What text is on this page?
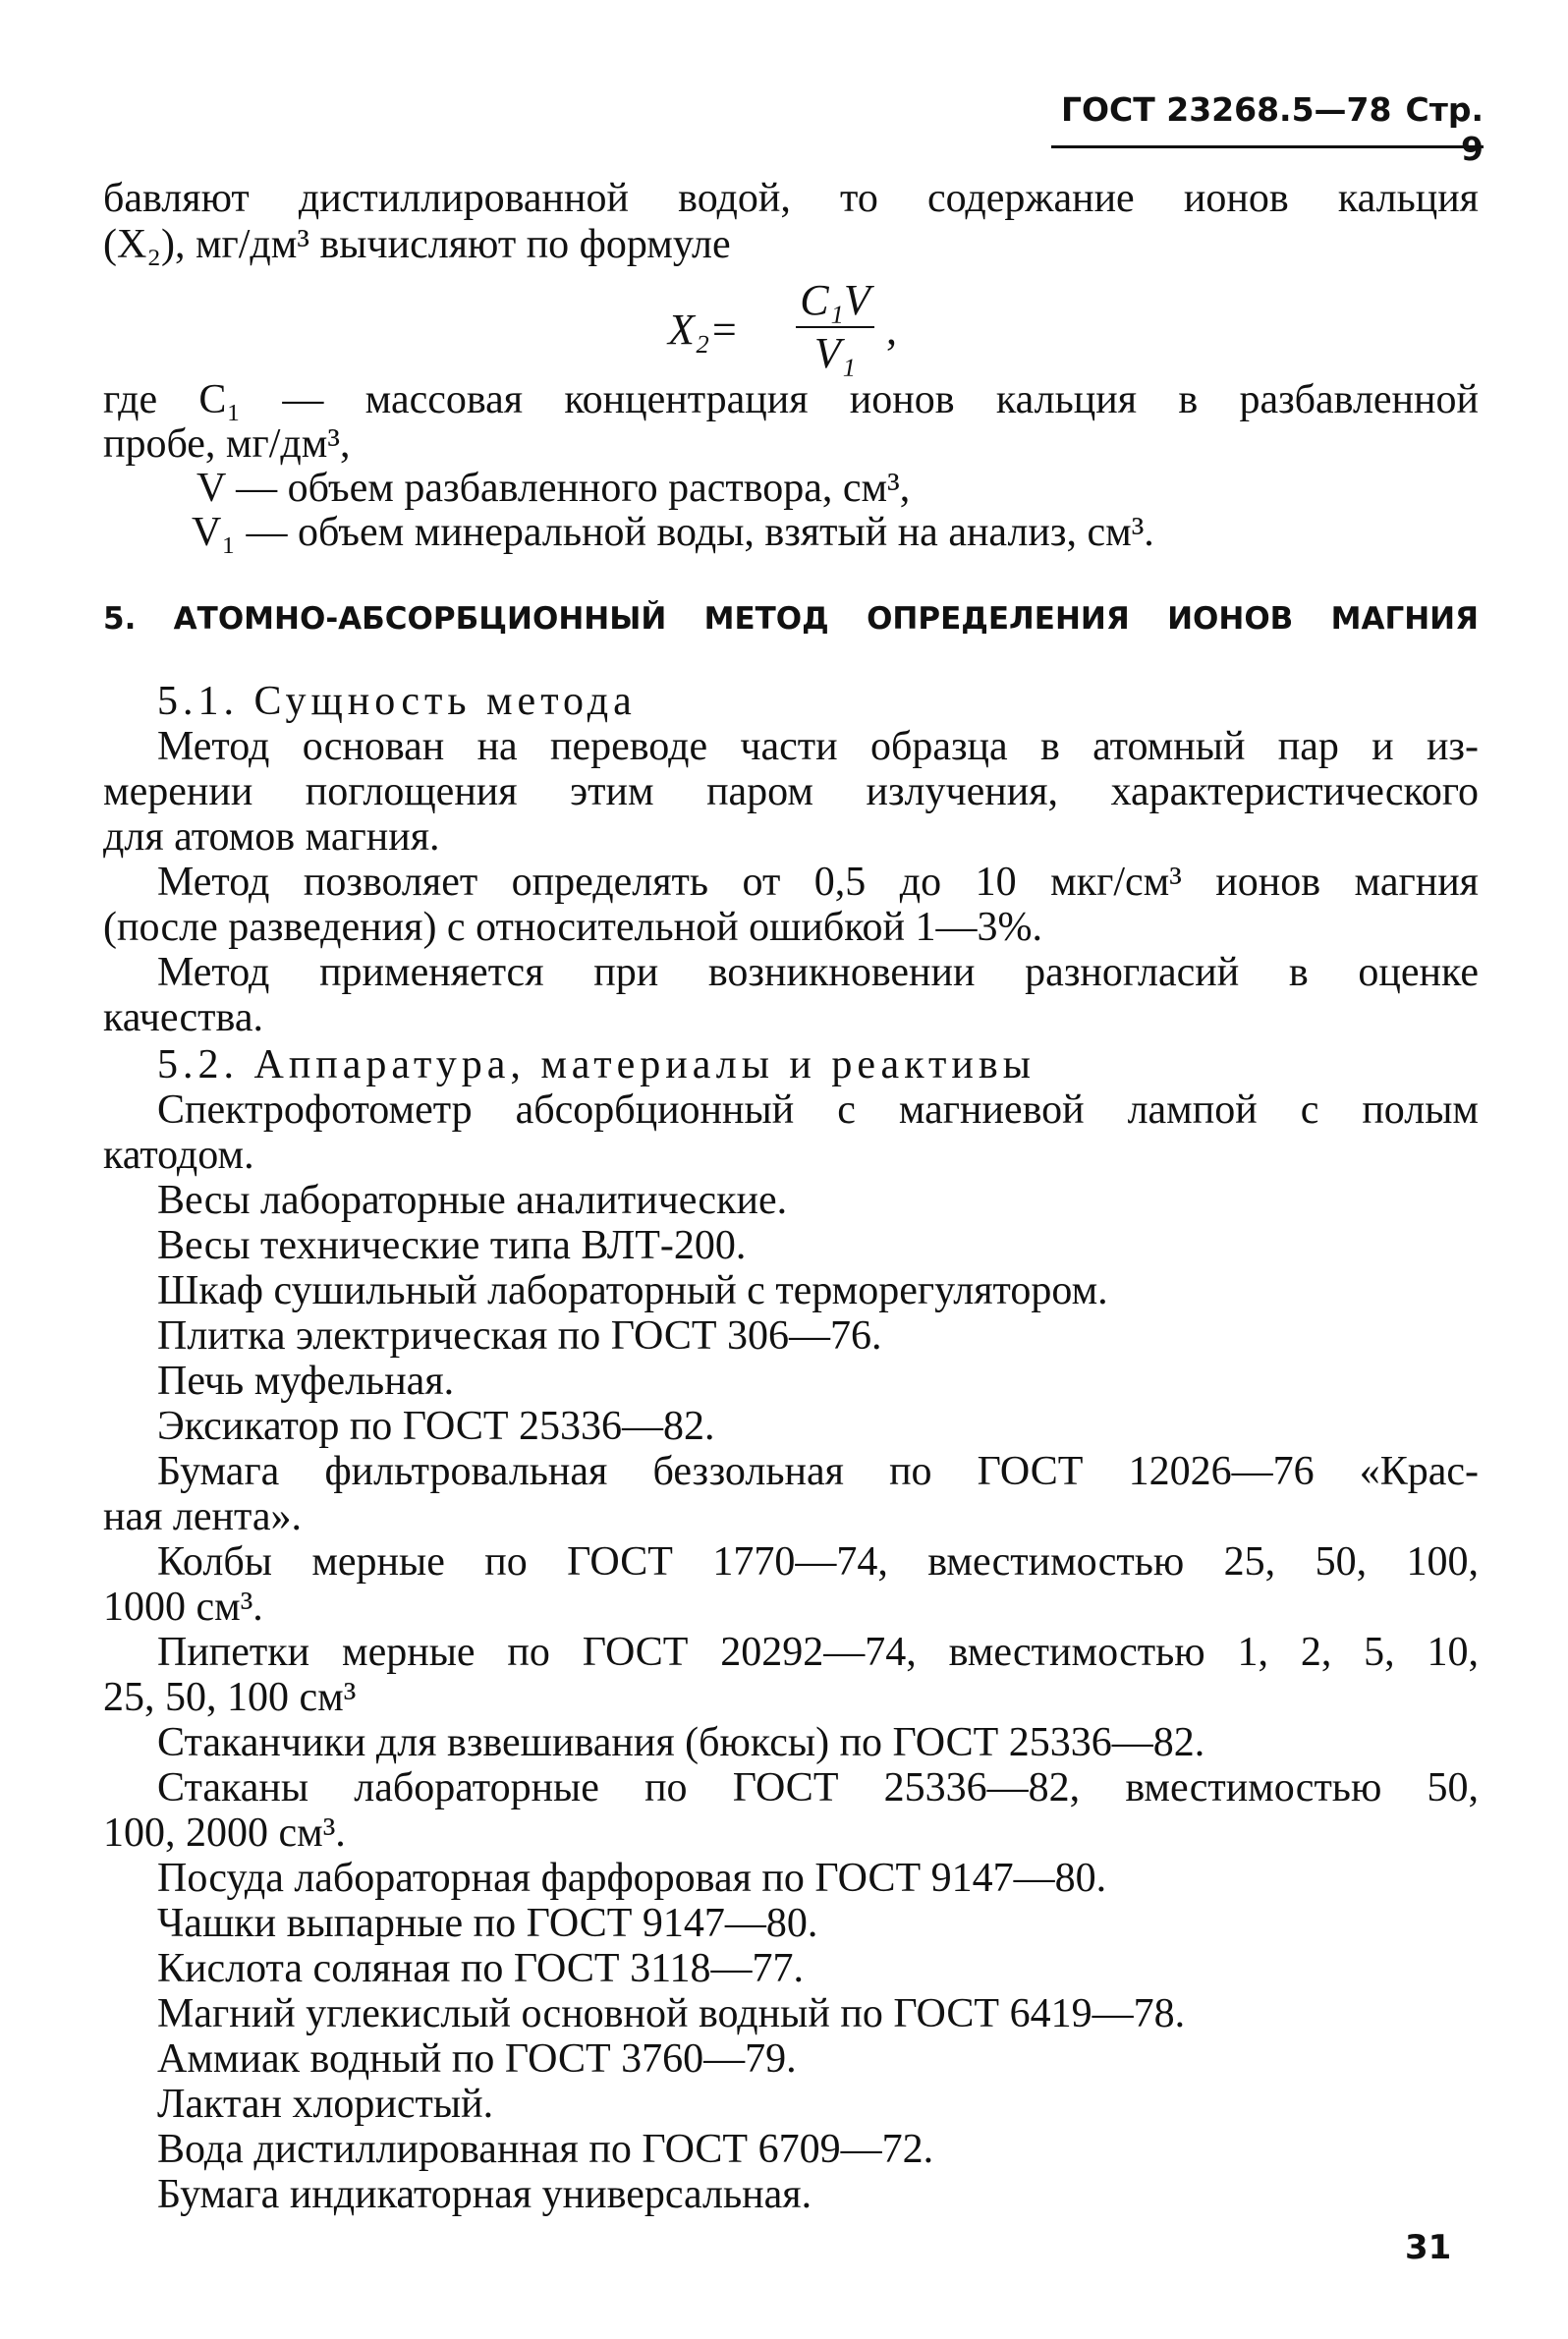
ГОСТ 23268.5—78 Стр. 9
бавляют дистиллированной водой, то содержание ионов кальция
(X₂), мг/дм³ вычисляют по формуле
X₂=
C₁V
V₁ ,
где C₁ — массовая концентрация ионов кальция в разбавленной
пробе, мг/дм³,
V — объем разбавленного раствора, см³,
V₁ — объем минеральной воды, взятый на анализ, см³.
5. АТОМНО-АБСОРБЦИОННЫЙ МЕТОД ОПРЕДЕЛЕНИЯ ИОНОВ МАГНИЯ
5.1. Сущность метода
Метод основан на переводе части образца в атомный пар и из-
мерении поглощения этим паром излучения, характеристического
для атомов магния.
Метод позволяет определять от 0,5 до 10 мкг/см³ ионов магния
(после разведения) с относительной ошибкой 1—3%.
Метод применяется при возникновении разногласий в оценке
качества.
5.2. Аппаратура, материалы и реактивы
Спектрофотометр абсорбционный с магниевой лампой с полым
катодом.
Весы лабораторные аналитические.
Весы технические типа ВЛТ-200.
Шкаф сушильный лабораторный с терморегулятором.
Плитка электрическая по ГОСТ 306—76.
Печь муфельная.
Эксикатор по ГОСТ 25336—82.
Бумага фильтровальная беззольная по ГОСТ 12026—76 «Крас-
ная лента».
Колбы мерные по ГОСТ 1770—74, вместимостью 25, 50, 100,
1000 см³.
Пипетки мерные по ГОСТ 20292—74, вместимостью 1, 2, 5, 10,
25, 50, 100 см³
Стаканчики для взвешивания (бюксы) по ГОСТ 25336—82.
Стаканы лабораторные по ГОСТ 25336—82, вместимостью 50,
100, 2000 см³.
Посуда лабораторная фарфоровая по ГОСТ 9147—80.
Чашки выпарные по ГОСТ 9147—80.
Кислота соляная по ГОСТ 3118—77.
Магний углекислый основной водный по ГОСТ 6419—78.
Аммиак водный по ГОСТ 3760—79.
Лактан хлористый.
Вода дистиллированная по ГОСТ 6709—72.
Бумага индикаторная универсальная.
31
